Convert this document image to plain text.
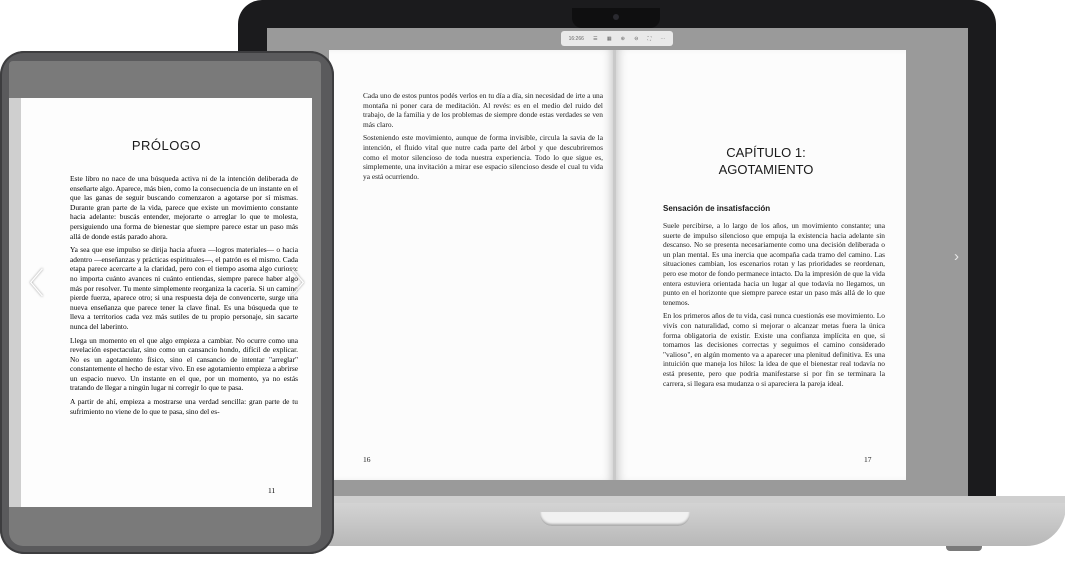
16:266 ☰ ▦ ⊕ ⊖ ⛶ ⋯

Cada uno de estos puntos podés verlos en tu día a día, sin necesidad de irte a una montaña ni poner cara de meditación. Al revés: es en el medio del ruido del trabajo, de la familia y de los problemas de siempre donde estas verdades se ven más claro.

Sosteniendo este movimiento, aunque de forma invisible, circula la savia de la intención, el fluido vital que nutre cada parte del árbol y que descubriremos como el motor silencioso de toda nuestra experiencia. Todo lo que sigue es, simplemente, una invitación a mirar ese espacio silencioso desde el cual tu vida ya está ocurriendo.

16
CAPÍTULO 1:
AGOTAMIENTO
Sensación de insatisfacción

Suele percibirse, a lo largo de los años, un movimiento constante; una suerte de impulso silencioso que empuja la existencia hacia adelante sin descanso. No se presenta necesariamente como una decisión deliberada o un plan mental. Es una inercia que acompaña cada tramo del camino. Las situaciones cambian, los escenarios rotan y las prioridades se reordenan, pero ese motor de fondo permanece intacto. Da la impresión de que la vida entera estuviera orientada hacia un lugar al que todavía no llegamos, un punto en el horizonte que siempre parece estar un paso más allá de lo que tenemos.

En los primeros años de tu vida, casi nunca cuestionás ese movimiento. Lo vivís con naturalidad, como si mejorar o alcanzar metas fuera la única forma obligatoria de existir. Existe una confianza implícita en que, si tomamos las decisiones correctas y seguimos el camino considerado "valioso", en algún momento va a aparecer una plenitud definitiva. Es una intuición que maneja los hilos: la idea de que el bienestar real todavía no está presente, pero que podría manifestarse si por fin se terminara la carrera, si llegara esa mudanza o si apareciera la pareja ideal.

17
›
PRÓLOGO

Este libro no nace de una búsqueda activa ni de la intención deliberada de enseñarte algo. Aparece, más bien, como la consecuencia de un instante en el que las ganas de seguir buscando comenzaron a agotarse por sí mismas. Durante gran parte de la vida, parece que existe un movimiento constante hacia adelante: buscás entender, mejorarte o arreglar lo que te molesta, persiguiendo una forma de bienestar que siempre parece estar un paso más allá de donde estás parado ahora.

Ya sea que ese impulso se dirija hacia afuera —logros materiales— o hacia adentro —enseñanzas y prácticas espirituales—, el patrón es el mismo. Cada etapa parece acercarte a la claridad, pero con el tiempo asoma algo curioso: no importa cuánto avances ni cuánto entiendas, siempre parece haber algo más por resolver. Tu mente simplemente reorganiza la cacería. Si un camino pierde fuerza, aparece otro; si una respuesta deja de convencerte, surge una nueva enseñanza que parece tener la clave final. Es una búsqueda que te lleva a territorios cada vez más sutiles de tu propio personaje, sin sacarte nunca del laberinto.

Llega un momento en el que algo empieza a cambiar. No ocurre como una revelación espectacular, sino como un cansancio hondo, difícil de explicar. No es un agotamiento físico, sino el cansancio de intentar "arreglar" constantemente el hecho de estar vivo. En ese agotamiento empieza a abrirse un espacio nuevo. Un instante en el que, por un momento, ya no estás tratando de llegar a ningún lugar ni corregir lo que te pasa.

A partir de ahí, empieza a mostrarse una verdad sencilla: gran parte de tu sufrimiento no viene de lo que te pasa, sino del es-

11
〈	〉
